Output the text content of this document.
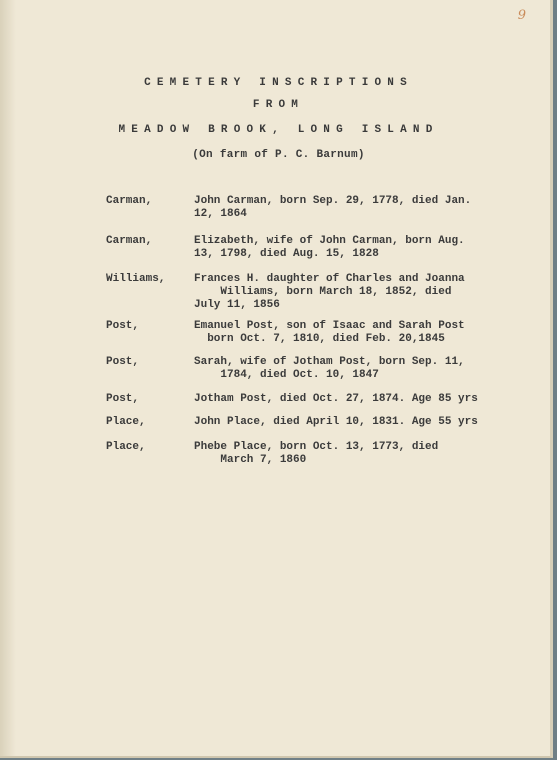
9
CEMETERY INSCRIPTIONS
FROM
MEADOW BROOK, LONG ISLAND
(On farm of P. C. Barnum)
Carman,	John Carman, born Sep. 29, 1778, died Jan.
12, 1864
Carman,	Elizabeth, wife of John Carman, born Aug.
13, 1798, died Aug. 15, 1828
Williams,	Frances H. daughter of Charles and Joanna
Williams, born March 18, 1852, died
July 11, 1856
Post,	Emanuel Post, son of Isaac and Sarah Post
born Oct. 7, 1810, died Feb. 20,1845
Post,	Sarah, wife of Jotham Post, born Sep. 11,
1784, died Oct. 10, 1847
Post,	Jotham Post, died Oct. 27, 1874. Age 85 yrs
Place,	John Place, died April 10, 1831. Age 55 yrs
Place,	Phebe Place, born Oct. 13, 1773, died
March 7, 1860
